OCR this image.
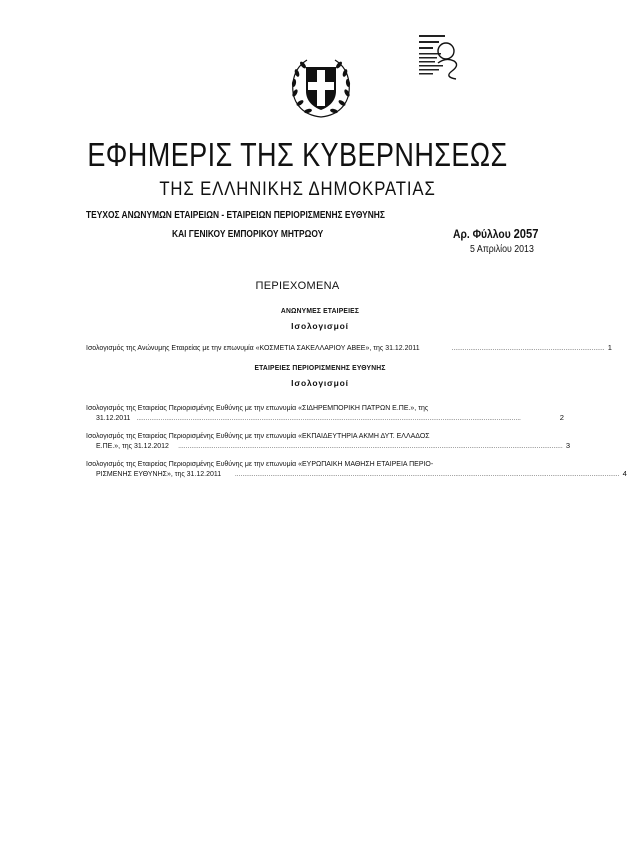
ΕΦΗΜΕΡΙΣ ΤΗΣ ΚΥΒΕΡΝΗΣΕΩΣ
ΤΗΣ ΕΛΛΗΝΙΚΗΣ ΔΗΜΟΚΡΑΤΙΑΣ
ΤΕΥΧΟΣ ΑΝΩΝΥΜΩΝ ΕΤΑΙΡΕΙΩΝ - ΕΤΑΙΡΕΙΩΝ ΠΕΡΙΟΡΙΣΜΕΝΗΣ ΕΥΘΥΝΗΣ
ΚΑΙ ΓΕΝΙΚΟΥ ΕΜΠΟΡΙΚΟΥ ΜΗΤΡΩΟΥ	Αρ. Φύλλου 2057
5 Απριλίου 2013
ΠΕΡΙΕΧΟΜΕΝΑ
ΑΝΩΝΥΜΕΣ ΕΤΑΙΡΕΙΕΣ
Ισολογισμοί
Ισολογισμός της Ανώνυμης Εταιρείας με την επωνυμία «ΚΟΣΜΕΤΙΑ ΣΑΚΕΛΛΑΡΙΟΥ ΑΒΕΕ», της 31.12.2011	.................................................................................. 1
ΕΤΑΙΡΕΙΕΣ ΠΕΡΙΟΡΙΣΜΕΝΗΣ ΕΥΘΥΝΗΣ
Ισολογισμοί
Ισολογισμός της Εταιρείας Περιορισμένης Ευθύνης με την επωνυμία «ΣΙΔΗΡΕΜΠΟΡΙΚΗ ΠΑΤΡΩΝ Ε.ΠΕ.», της
31.12.2011 ..............................................................................................................................................................................................................	2
Ισολογισμός της Εταιρείας Περιορισμένης Ευθύνης με την επωνυμία «ΕΚΠΑΙΔΕΥΤΗΡΙΑ ΑΚΜΗ ΔΥΤ. ΕΛΛΑΔΟΣ
Ε.ΠΕ.», της 31.12.2012 .............................................................................................................................................................................................................. 3
Ισολογισμός της Εταιρείας Περιορισμένης Ευθύνης με την επωνυμία «ΕΥΡΩΠΑΙΚΗ ΜΑΘΗΣΗ ΕΤΑΙΡΕΙΑ ΠΕΡΙΟ-
ΡΙΣΜΕΝΗΣ ΕΥΘΥΝΗΣ», της 31.12.2011 .............................................................................................................................................................................................................. 4
